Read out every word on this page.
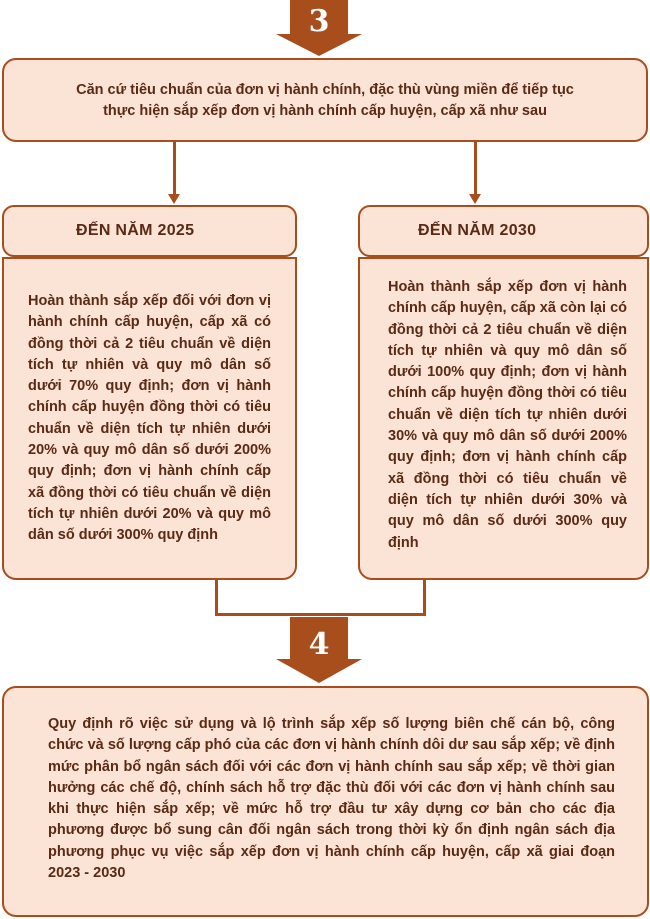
3
Căn cứ tiêu chuẩn của đơn vị hành chính, đặc thù vùng miền để tiếp tục
thực hiện sắp xếp đơn vị hành chính cấp huyện, cấp xã như sau
ĐẾN NĂM 2025
Hoàn thành sắp xếp đối với đơn vị hành chính cấp huyện, cấp xã có đồng thời cả 2 tiêu chuẩn về diện tích tự nhiên và quy mô dân số dưới 70% quy định; đơn vị hành chính cấp huyện đồng thời có tiêu chuẩn về diện tích tự nhiên dưới 20% và quy mô dân số dưới 200% quy định; đơn vị hành chính cấp xã đồng thời có tiêu chuẩn về diện tích tự nhiên dưới 20% và quy mô dân số dưới 300% quy định
ĐẾN NĂM 2030
Hoàn thành sắp xếp đơn vị hành chính cấp huyện, cấp xã còn lại có đồng thời cả 2 tiêu chuẩn về diện tích tự nhiên và quy mô dân số dưới 100% quy định; đơn vị hành chính cấp huyện đồng thời có tiêu chuẩn về diện tích tự nhiên dưới 30% và quy mô dân số dưới 200% quy định; đơn vị hành chính cấp xã đồng thời có tiêu chuẩn về diện tích tự nhiên dưới 30% và quy mô dân số dưới 300% quy định
4
Quy định rõ việc sử dụng và lộ trình sắp xếp số lượng biên chế cán bộ, công chức và số lượng cấp phó của các đơn vị hành chính dôi dư sau sắp xếp; về định mức phân bổ ngân sách đối với các đơn vị hành chính sau sắp xếp; về thời gian hưởng các chế độ, chính sách hỗ trợ đặc thù đối với các đơn vị hành chính sau khi thực hiện sắp xếp; về mức hỗ trợ đầu tư xây dựng cơ bản cho các địa phương được bổ sung cân đối ngân sách trong thời kỳ ổn định ngân sách địa phương phục vụ việc sắp xếp đơn vị hành chính cấp huyện, cấp xã giai đoạn 2023 - 2030
